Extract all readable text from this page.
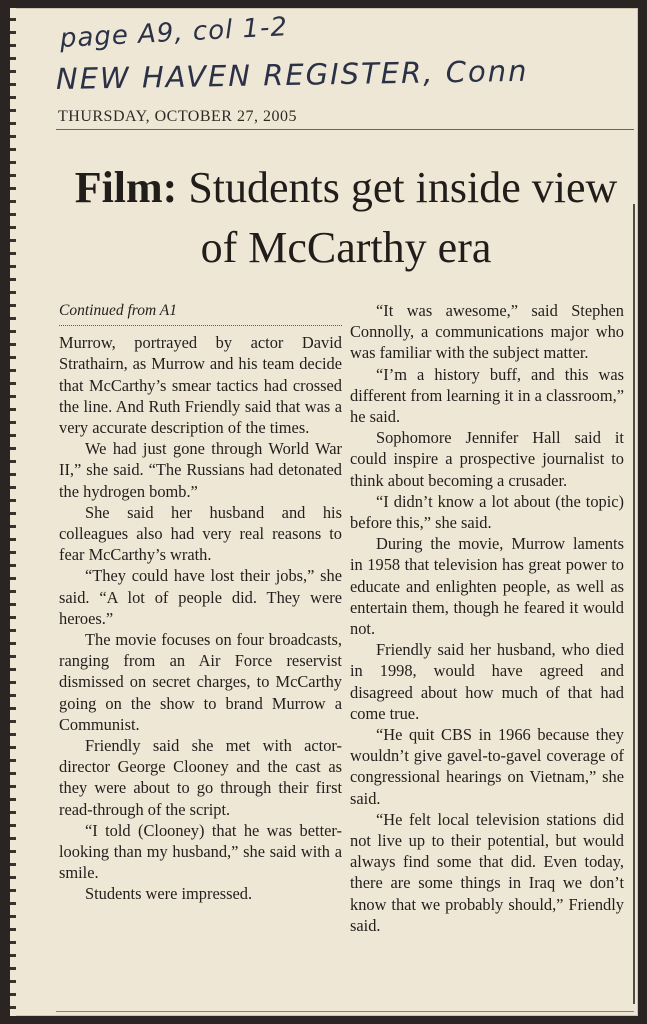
page A9, col 1-2

NEW HAVEN REGISTER, Conn

THURSDAY, OCTOBER 27, 2005

Film: Students get inside view of McCarthy era

Continued from A1

Murrow, portrayed by actor David Strathairn, as Murrow and his team decide that McCarthy’s smear tactics had crossed the line. And Ruth Friendly said that was a very accurate description of the times.

We had just gone through World War II,” she said. “The Russians had detonated the hydrogen bomb.”

She said her husband and his colleagues also had very real reasons to fear McCarthy’s wrath.

“They could have lost their jobs,” she said. “A lot of people did. They were heroes.”

The movie focuses on four broadcasts, ranging from an Air Force reservist dismissed on secret charges, to McCarthy going on the show to brand Murrow a Communist.

Friendly said she met with actor-director George Clooney and the cast as they were about to go through their first read-through of the script.

“I told (Clooney) that he was better-looking than my husband,” she said with a smile.

Students were impressed.

“It was awesome,” said Stephen Connolly, a communications major who was familiar with the subject matter.

“I’m a history buff, and this was different from learning it in a classroom,” he said.

Sophomore Jennifer Hall said it could inspire a prospective journalist to think about becoming a crusader.

“I didn’t know a lot about (the topic) before this,” she said.

During the movie, Murrow laments in 1958 that television has great power to educate and enlighten people, as well as entertain them, though he feared it would not.

Friendly said her husband, who died in 1998, would have agreed and disagreed about how much of that had come true.

“He quit CBS in 1966 because they wouldn’t give gavel-to-gavel coverage of congressional hearings on Vietnam,” she said.

“He felt local television stations did not live up to their potential, but would always find some that did. Even today, there are some things in Iraq we don’t know that we probably should,” Friendly said.
